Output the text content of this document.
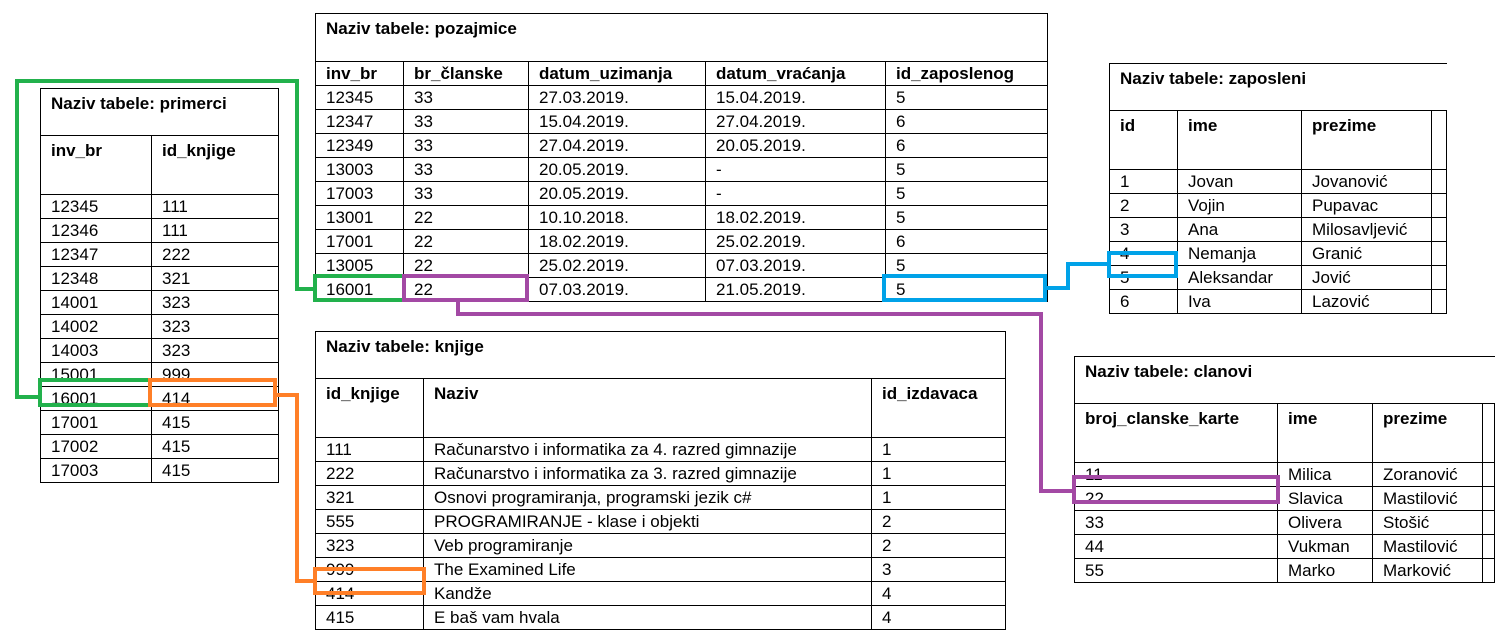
Naziv tabele: pozajmice				
inv_br	br_članske	datum_uzimanja	datum_vraćanja	id_zaposlenog
12345	33	27.03.2019.	15.04.2019.	5
12347	33	15.04.2019.	27.04.2019.	6
12349	33	27.04.2019.	20.05.2019.	6
13003	33	20.05.2019.	-	5
17003	33	20.05.2019.	-	5
13001	22	10.10.2018.	18.02.2019.	5
17001	22	18.02.2019.	25.02.2019.	6
13005	22	25.02.2019.	07.03.2019.	5
16001	22	07.03.2019.	21.05.2019.	5
Naziv tabele: primerci	
inv_br	id_knjige
12345	111
12346	111
12347	222
12348	321
14001	323
14002	323
14003	323
15001	999
16001	414
17001	415
17002	415
17003	415
Naziv tabele: knjige		
id_knjige	Naziv	id_izdavaca
111	Računarstvo i informatika za 4. razred gimnazije	1
222	Računarstvo i informatika za 3. razred gimnazije	1
321	Osnovi programiranja, programski jezik c#	1
555	PROGRAMIRANJE - klase i objekti	2
323	Veb programiranje	2
999	The Examined Life	3
414	Kandže	4
415	E baš vam hvala	4
Naziv tabele: zaposleni			
id	ime	prezime	
1	Jovan	Jovanović	
2	Vojin	Pupavac	
3	Ana	Milosavljević	
4	Nemanja	Granić	
5	Aleksandar	Jović	
6	Iva	Lazović	
Naziv tabele: clanovi			
broj_clanske_karte	ime	prezime	
11	Milica	Zoranović	
22	Slavica	Mastilović	
33	Olivera	Stošić	
44	Vukman	Mastilović	
55	Marko	Marković	
